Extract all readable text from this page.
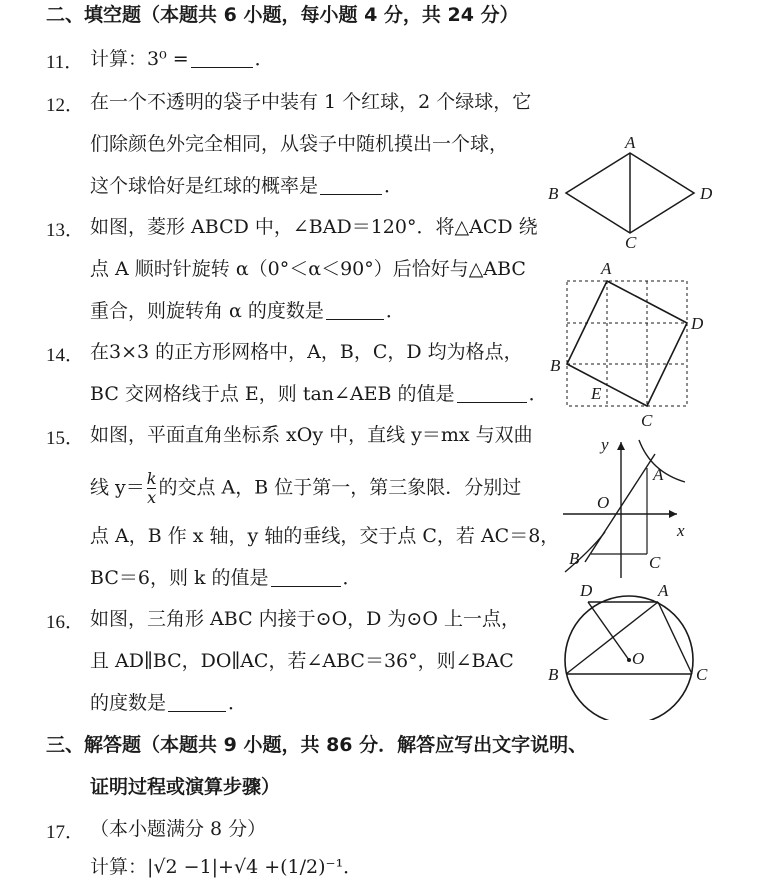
二、填空题（本题共 6 小题，每小题 4 分，共 24 分）
11． 计算：3⁰ =	．
12． 在一个不透明的袋子中装有 1 个红球，2 个绿球，它
们除颜色外完全相同，从袋子中随机摸出一个球，
这个球恰好是红球的概率是	．
13． 如图，菱形 ABCD 中，∠BAD＝120°．将△ACD 绕
点 A 顺时针旋转 α（0°＜α＜90°）后恰好与△ABC
重合，则旋转角 α 的度数是	．
14． 在3×3 的正方形网格中，A，B，C，D 均为格点，
BC 交网格线于点 E，则 tan∠AEB 的值是	．
15． 如图，平面直角坐标系 xOy 中，直线 y＝mx 与双曲
线 $y= \frac{k}{x}$ 的交点 A，B 位于第一，第三象限．分别过
点 A，B 作 x 轴，y 轴的垂线，交于点 C，若 AC＝8，
BC＝6，则 k 的值是	．
16． 如图，三角形 ABC 内接于⊙O，D 为⊙O 上一点，
且 AD∥BC，DO∥AC，若∠ABC＝36°，则∠BAC
的度数是	．
三、解答题（本题共 9 小题，共 86 分．解答应写出文字说明、
证明过程或演算步骤）
17． （本小题满分 8 分）
计算：|√2 −1|+√4 +(1/2)⁻¹．
A
B
C
D
A
D
B
C
E
y
x
O
A
B	C
D	A
B	C
O
